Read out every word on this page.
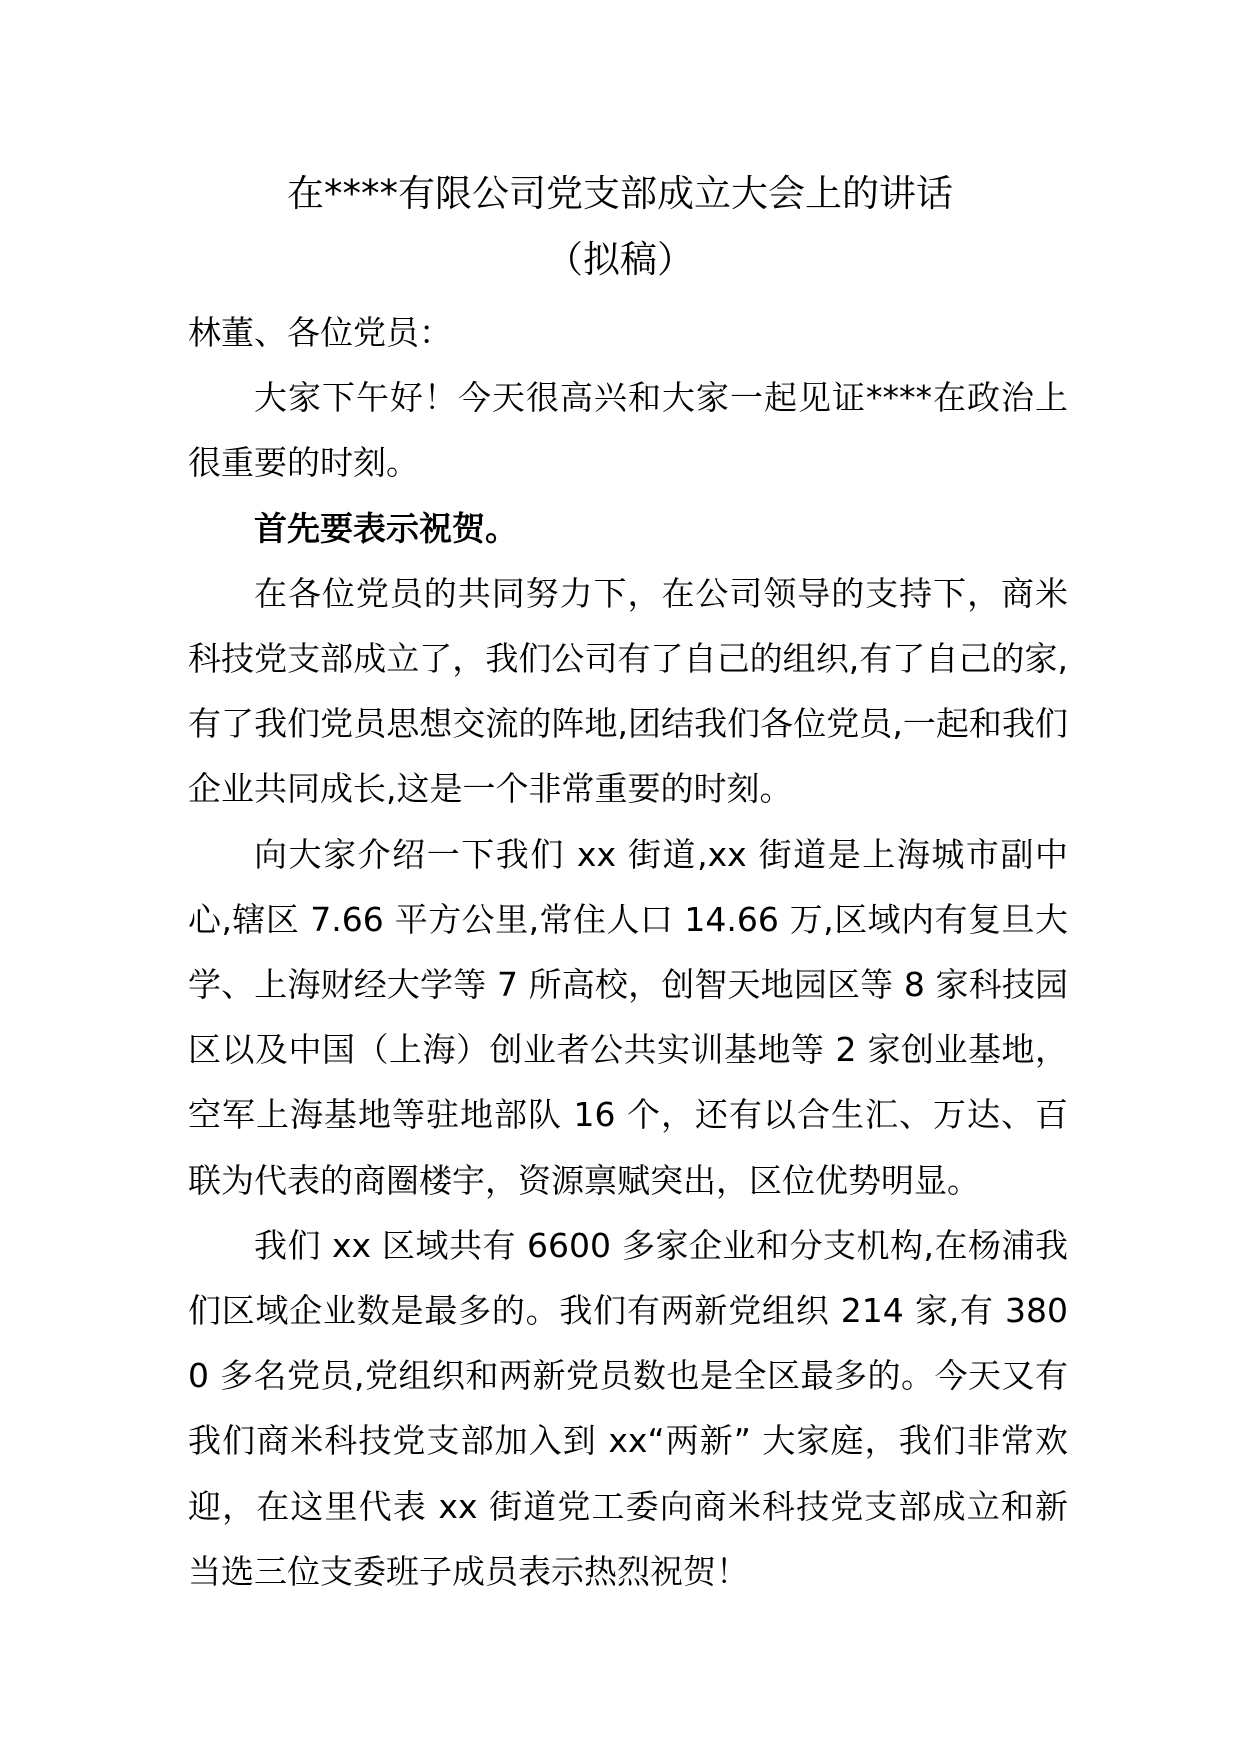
在****有限公司党支部成立大会上的讲话
（拟稿）

林董、各位党员：

大家下午好！今天很高兴和大家一起见证****在政治上很重要的时刻。

首先要表示祝贺。

在各位党员的共同努力下，在公司领导的支持下，商米科技党支部成立了，我们公司有了自己的组织,有了自己的家,有了我们党员思想交流的阵地,团结我们各位党员,一起和我们企业共同成长,这是一个非常重要的时刻。

向大家介绍一下我们 xx 街道,xx 街道是上海城市副中心,辖区 7.66 平方公里,常住人口 14.66 万,区域内有复旦大学、上海财经大学等 7 所高校，创智天地园区等 8 家科技园区以及中国（上海）创业者公共实训基地等 2 家创业基地，空军上海基地等驻地部队 16 个，还有以合生汇、万达、百联为代表的商圈楼宇，资源禀赋突出，区位优势明显。

我们 xx 区域共有 6600 多家企业和分支机构,在杨浦我们区域企业数是最多的。我们有两新党组织 214 家,有 3800 多名党员,党组织和两新党员数也是全区最多的。今天又有我们商米科技党支部加入到 xx“两新” 大家庭，我们非常欢迎，在这里代表 xx 街道党工委向商米科技党支部成立和新当选三位支委班子成员表示热烈祝贺！
